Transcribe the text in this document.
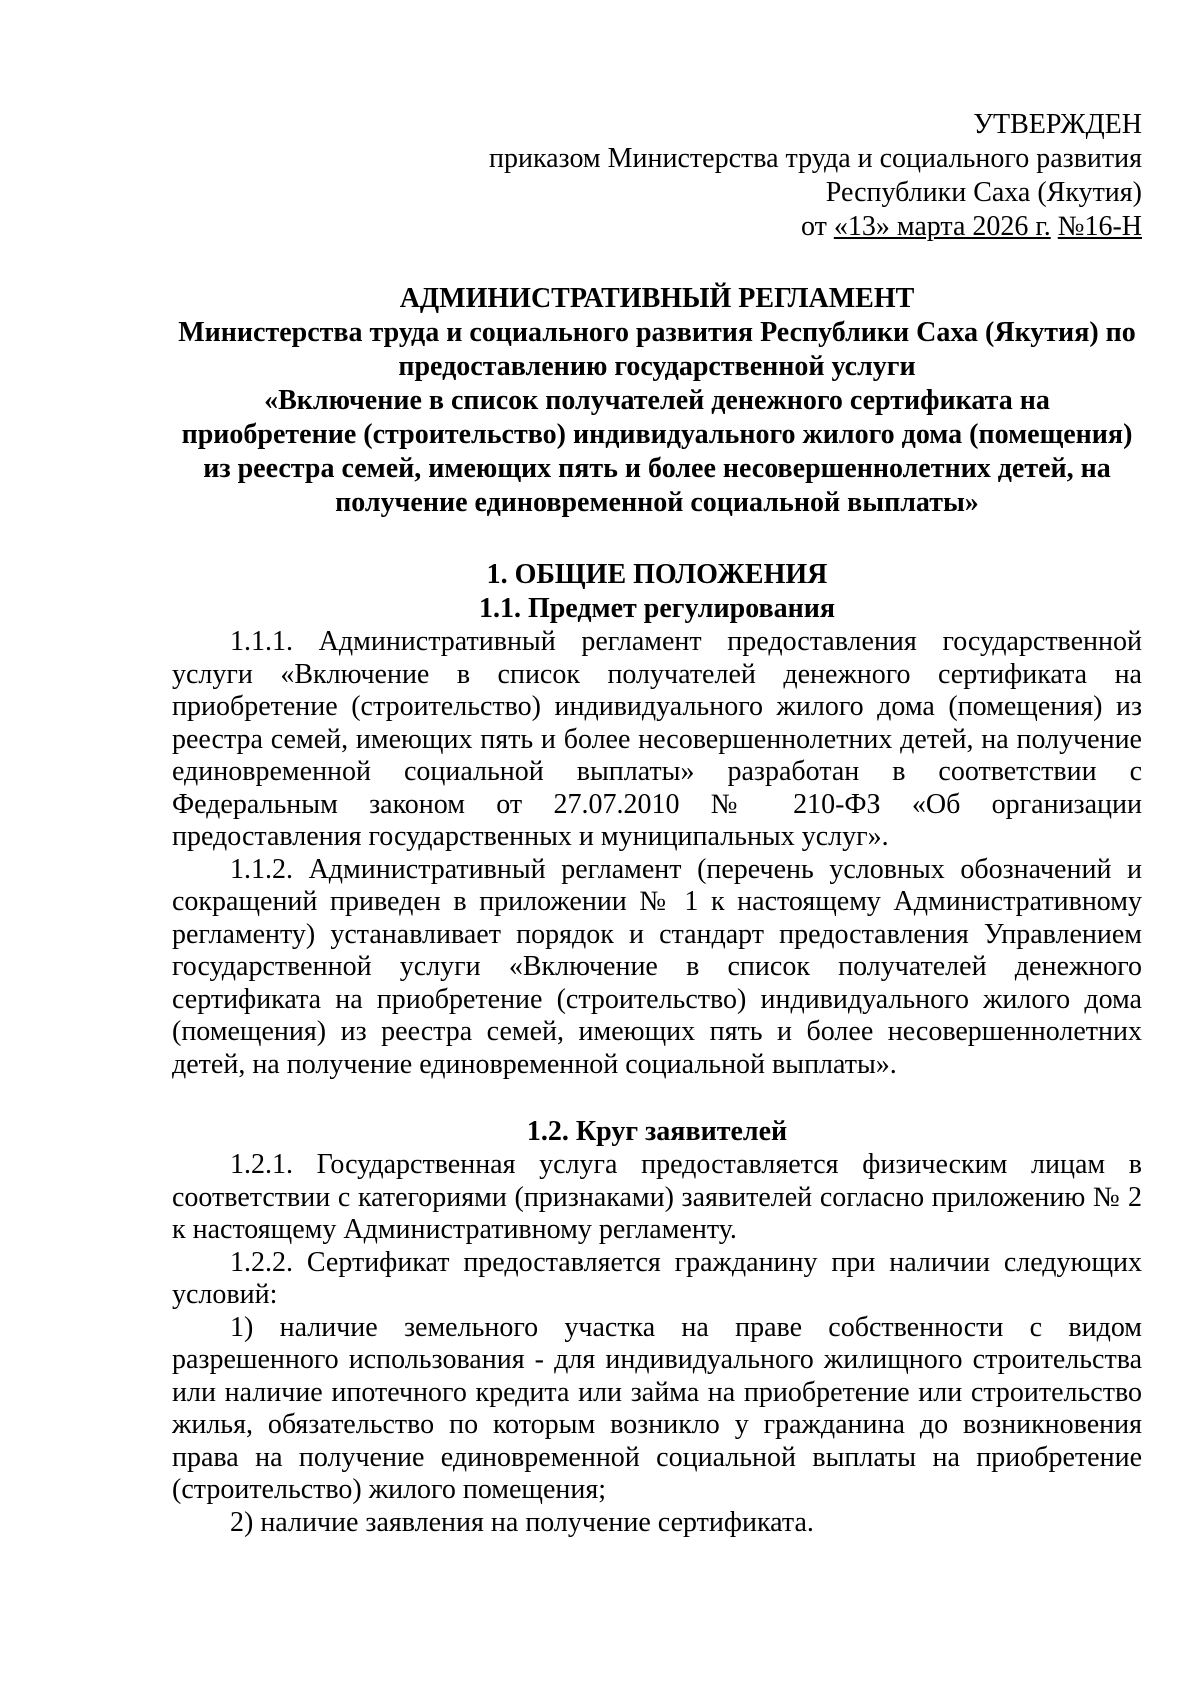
УТВЕРЖДЕН
приказом Министерства труда и социального развития
Республики Саха (Якутия)
от «13» марта 2026 г. №16-Н
АДМИНИСТРАТИВНЫЙ РЕГЛАМЕНТ
Министерства труда и социального развития Республики Саха (Якутия) по
предоставлению государственной услуги
«Включение в список получателей денежного сертификата на
приобретение (строительство) индивидуального жилого дома (помещения)
из реестра семей, имеющих пять и более несовершеннолетних детей, на
получение единовременной социальной выплаты»
1. ОБЩИЕ ПОЛОЖЕНИЯ
1.1. Предмет регулирования

1.1.1. Административный регламент предоставления государственной услуги «Включение в список получателей денежного сертификата на приобретение (строительство) индивидуального жилого дома (помещения) из реестра семей, имеющих пять и более несовершеннолетних детей, на получение единовременной социальной выплаты» разработан в соответствии с Федеральным законом от 27.07.2010 № 210-ФЗ «Об организации предоставления государственных и муниципальных услуг».

1.1.2. Административный регламент (перечень условных обозначений и сокращений приведен в приложении № 1 к настоящему Административному регламенту) устанавливает порядок и стандарт предоставления Управлением государственной услуги «Включение в список получателей денежного сертификата на приобретение (строительство) индивидуального жилого дома (помещения) из реестра семей, имеющих пять и более несовершеннолетних детей, на получение единовременной социальной выплаты».

1.2. Круг заявителей

1.2.1. Государственная услуга предоставляется физическим лицам в соответствии с категориями (признаками) заявителей согласно приложению № 2 к настоящему Административному регламенту.

1.2.2. Сертификат предоставляется гражданину при наличии следующих условий:

1) наличие земельного участка на праве собственности с видом разрешенного использования - для индивидуального жилищного строительства или наличие ипотечного кредита или займа на приобретение или строительство жилья, обязательство по которым возникло у гражданина до возникновения права на получение единовременной социальной выплаты на приобретение (строительство) жилого помещения;

2) наличие заявления на получение сертификата.
